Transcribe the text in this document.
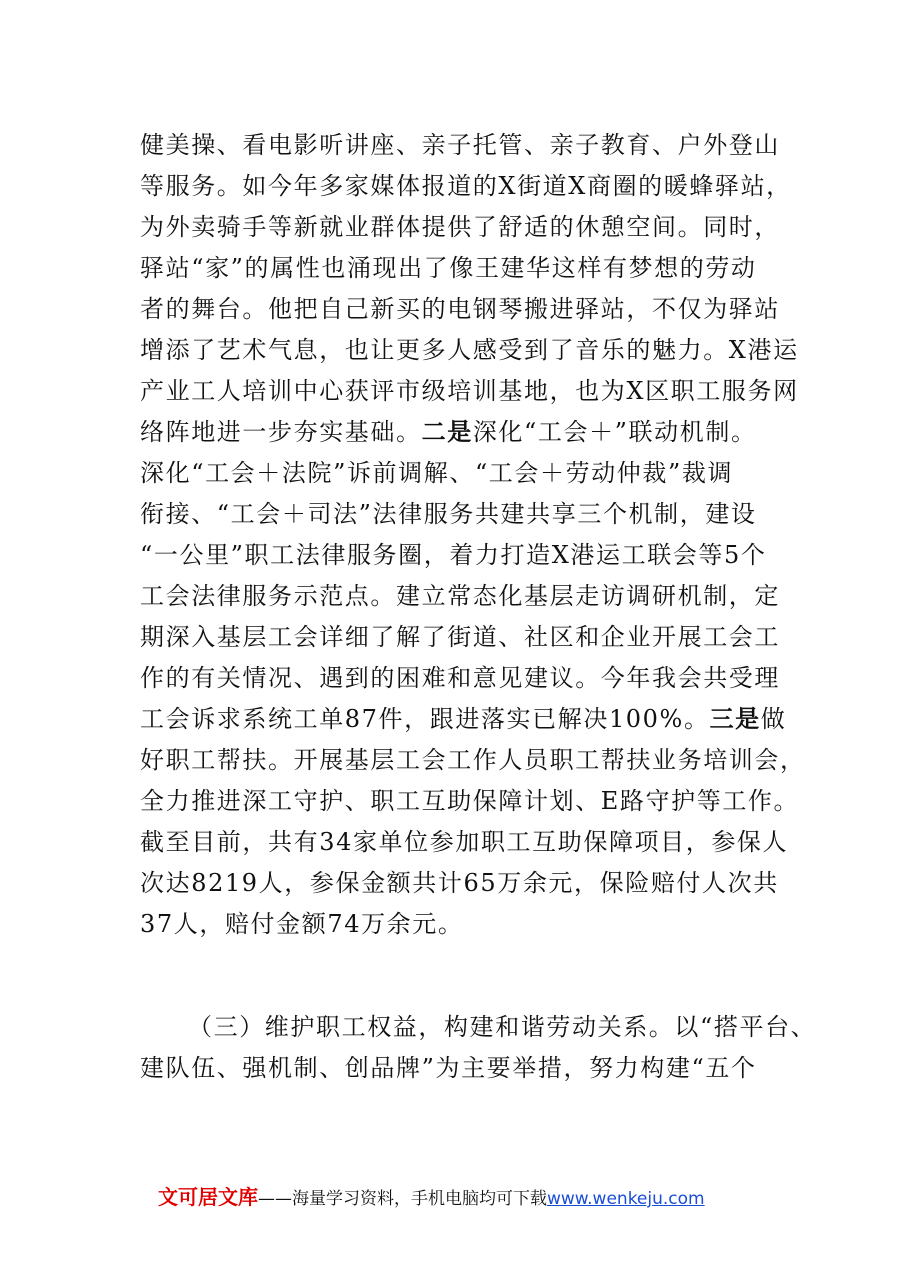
健美操、看电影听讲座、亲子托管、亲子教育、户外登山
等服务。如今年多家媒体报道的X街道X商圈的暖蜂驿站，
为外卖骑手等新就业群体提供了舒适的休憩空间。同时，
驿站“家”的属性也涌现出了像王建华这样有梦想的劳动
者的舞台。他把自己新买的电钢琴搬进驿站，不仅为驿站
增添了艺术气息，也让更多人感受到了音乐的魅力。X港运
产业工人培训中心获评市级培训基地，也为X区职工服务网
络阵地进一步夯实基础。二是深化“工会＋”联动机制。
深化“工会＋法院”诉前调解、“工会＋劳动仲裁”裁调
衔接、“工会＋司法”法律服务共建共享三个机制，建设
“一公里”职工法律服务圈，着力打造X港运工联会等5个
工会法律服务示范点。建立常态化基层走访调研机制，定
期深入基层工会详细了解了街道、社区和企业开展工会工
作的有关情况、遇到的困难和意见建议。今年我会共受理
工会诉求系统工单87件，跟进落实已解决100%。三是做
好职工帮扶。开展基层工会工作人员职工帮扶业务培训会，
全力推进深工守护、职工互助保障计划、E路守护等工作。
截至目前，共有34家单位参加职工互助保障项目，参保人
次达8219人，参保金额共计65万余元，保险赔付人次共
37人，赔付金额74万余元。
（三）维护职工权益，构建和谐劳动关系。以“搭平台、
建队伍、强机制、创品牌”为主要举措，努力构建“五个
文可居文库——海量学习资料，手机电脑均可下载www.wenkeju.com
